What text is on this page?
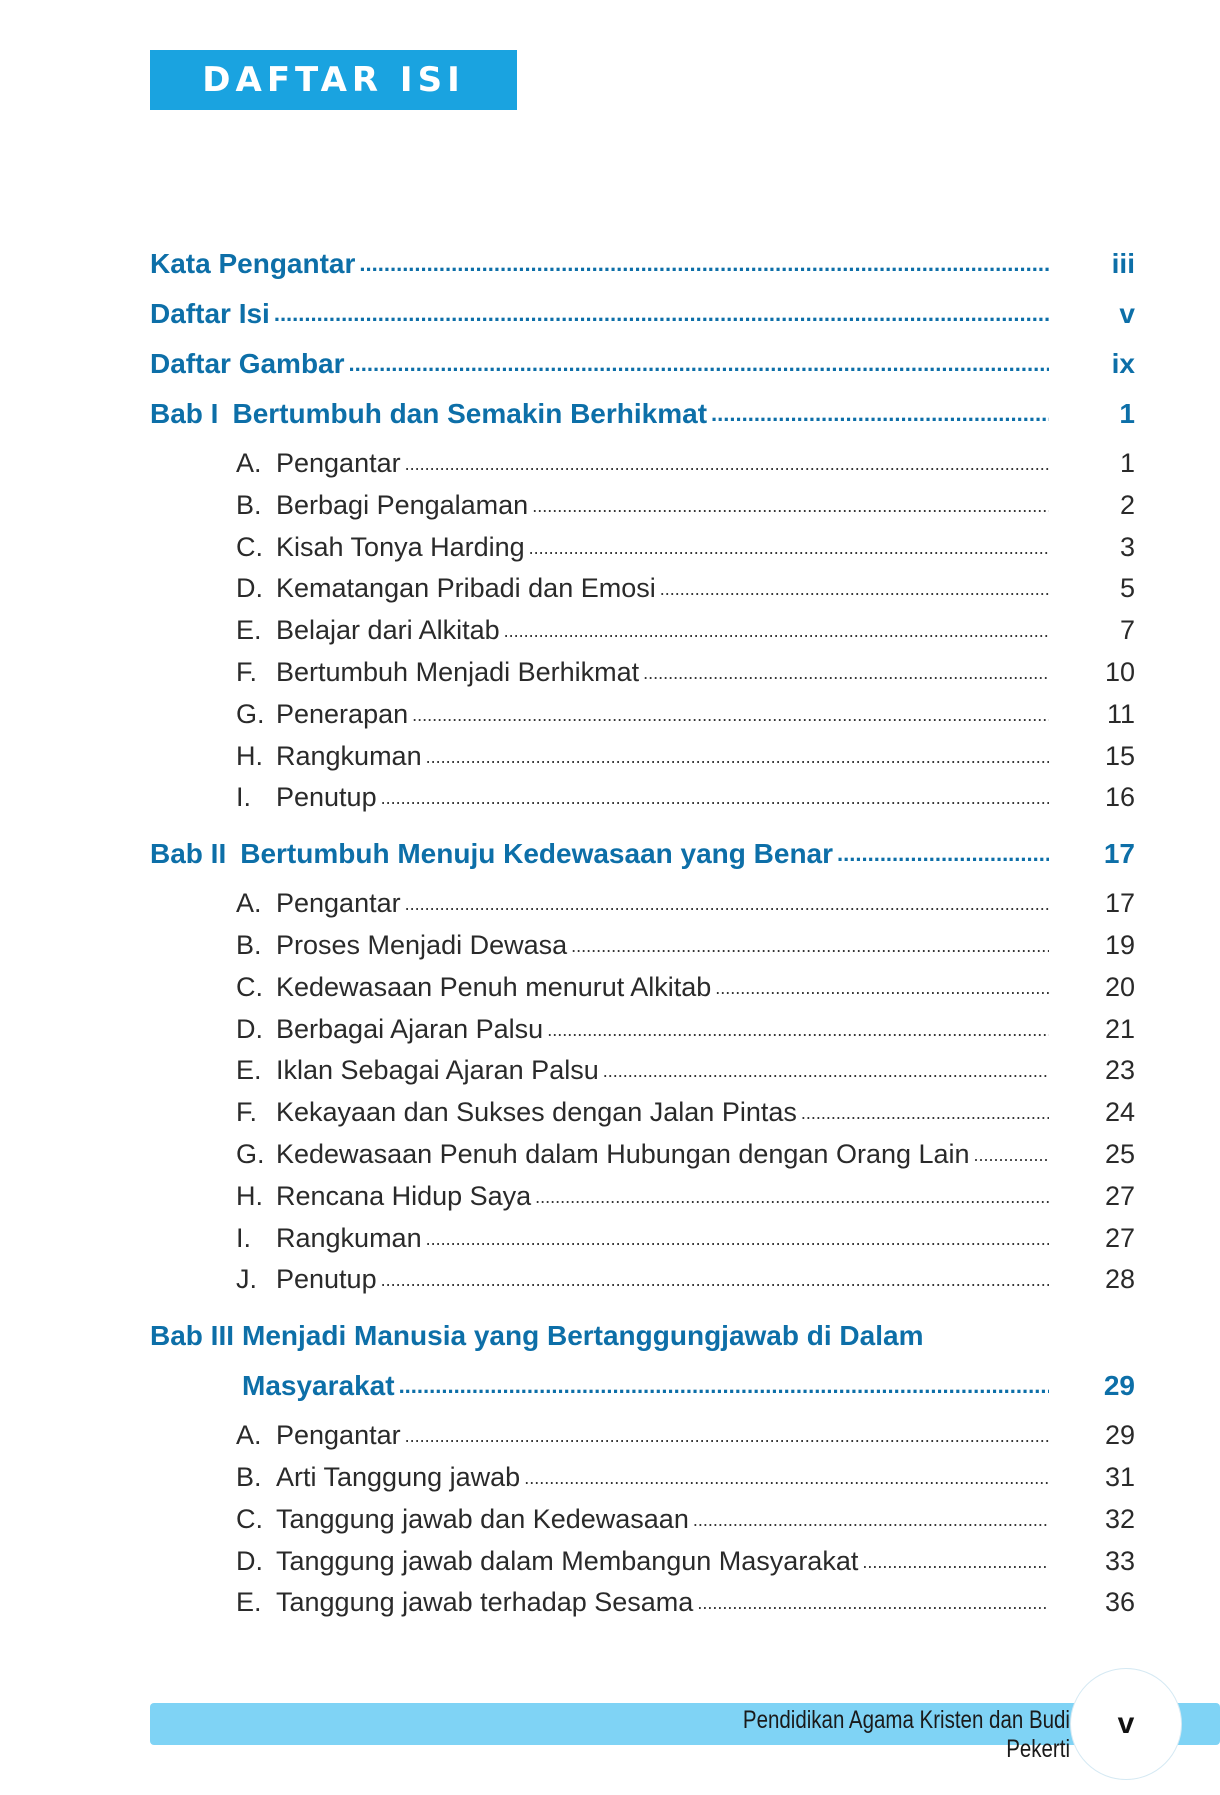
DAFTAR ISI
Kata Pengantar .....	iii
Daftar Isi .....	v
Daftar Gambar .....	ix
Bab I Bertumbuh dan Semakin Berhikmat .....	1
A. Pengantar .....	1
B. Berbagi Pengalaman .....	2
C. Kisah Tonya Harding .....	3
D. Kematangan Pribadi dan Emosi .....	5
E. Belajar dari Alkitab .....	7
F. Bertumbuh Menjadi Berhikmat .....	10
G. Penerapan .....	11
H. Rangkuman .....	15
I. Penutup .....	16
Bab II Bertumbuh Menuju Kedewasaan yang Benar .....	17
A. Pengantar .....	17
B. Proses Menjadi Dewasa .....	19
C. Kedewasaan Penuh menurut Alkitab .....	20
D. Berbagai Ajaran Palsu .....	21
E. Iklan Sebagai Ajaran Palsu .....	23
F. Kekayaan dan Sukses dengan Jalan Pintas .....	24
G. Kedewasaan Penuh dalam Hubungan dengan Orang Lain .....	25
H. Rencana Hidup Saya .....	27
I. Rangkuman .....	27
J. Penutup .....	28
Bab III Menjadi Manusia yang Bertanggungjawab di Dalam
Masyarakat .....	29
A. Pengantar .....	29
B. Arti Tanggung jawab .....	31
C. Tanggung jawab dan Kedewasaan .....	32
D. Tanggung jawab dalam Membangun Masyarakat .....	33
E. Tanggung jawab terhadap Sesama .....	36
Pendidikan Agama Kristen dan Budi Pekerti
v
